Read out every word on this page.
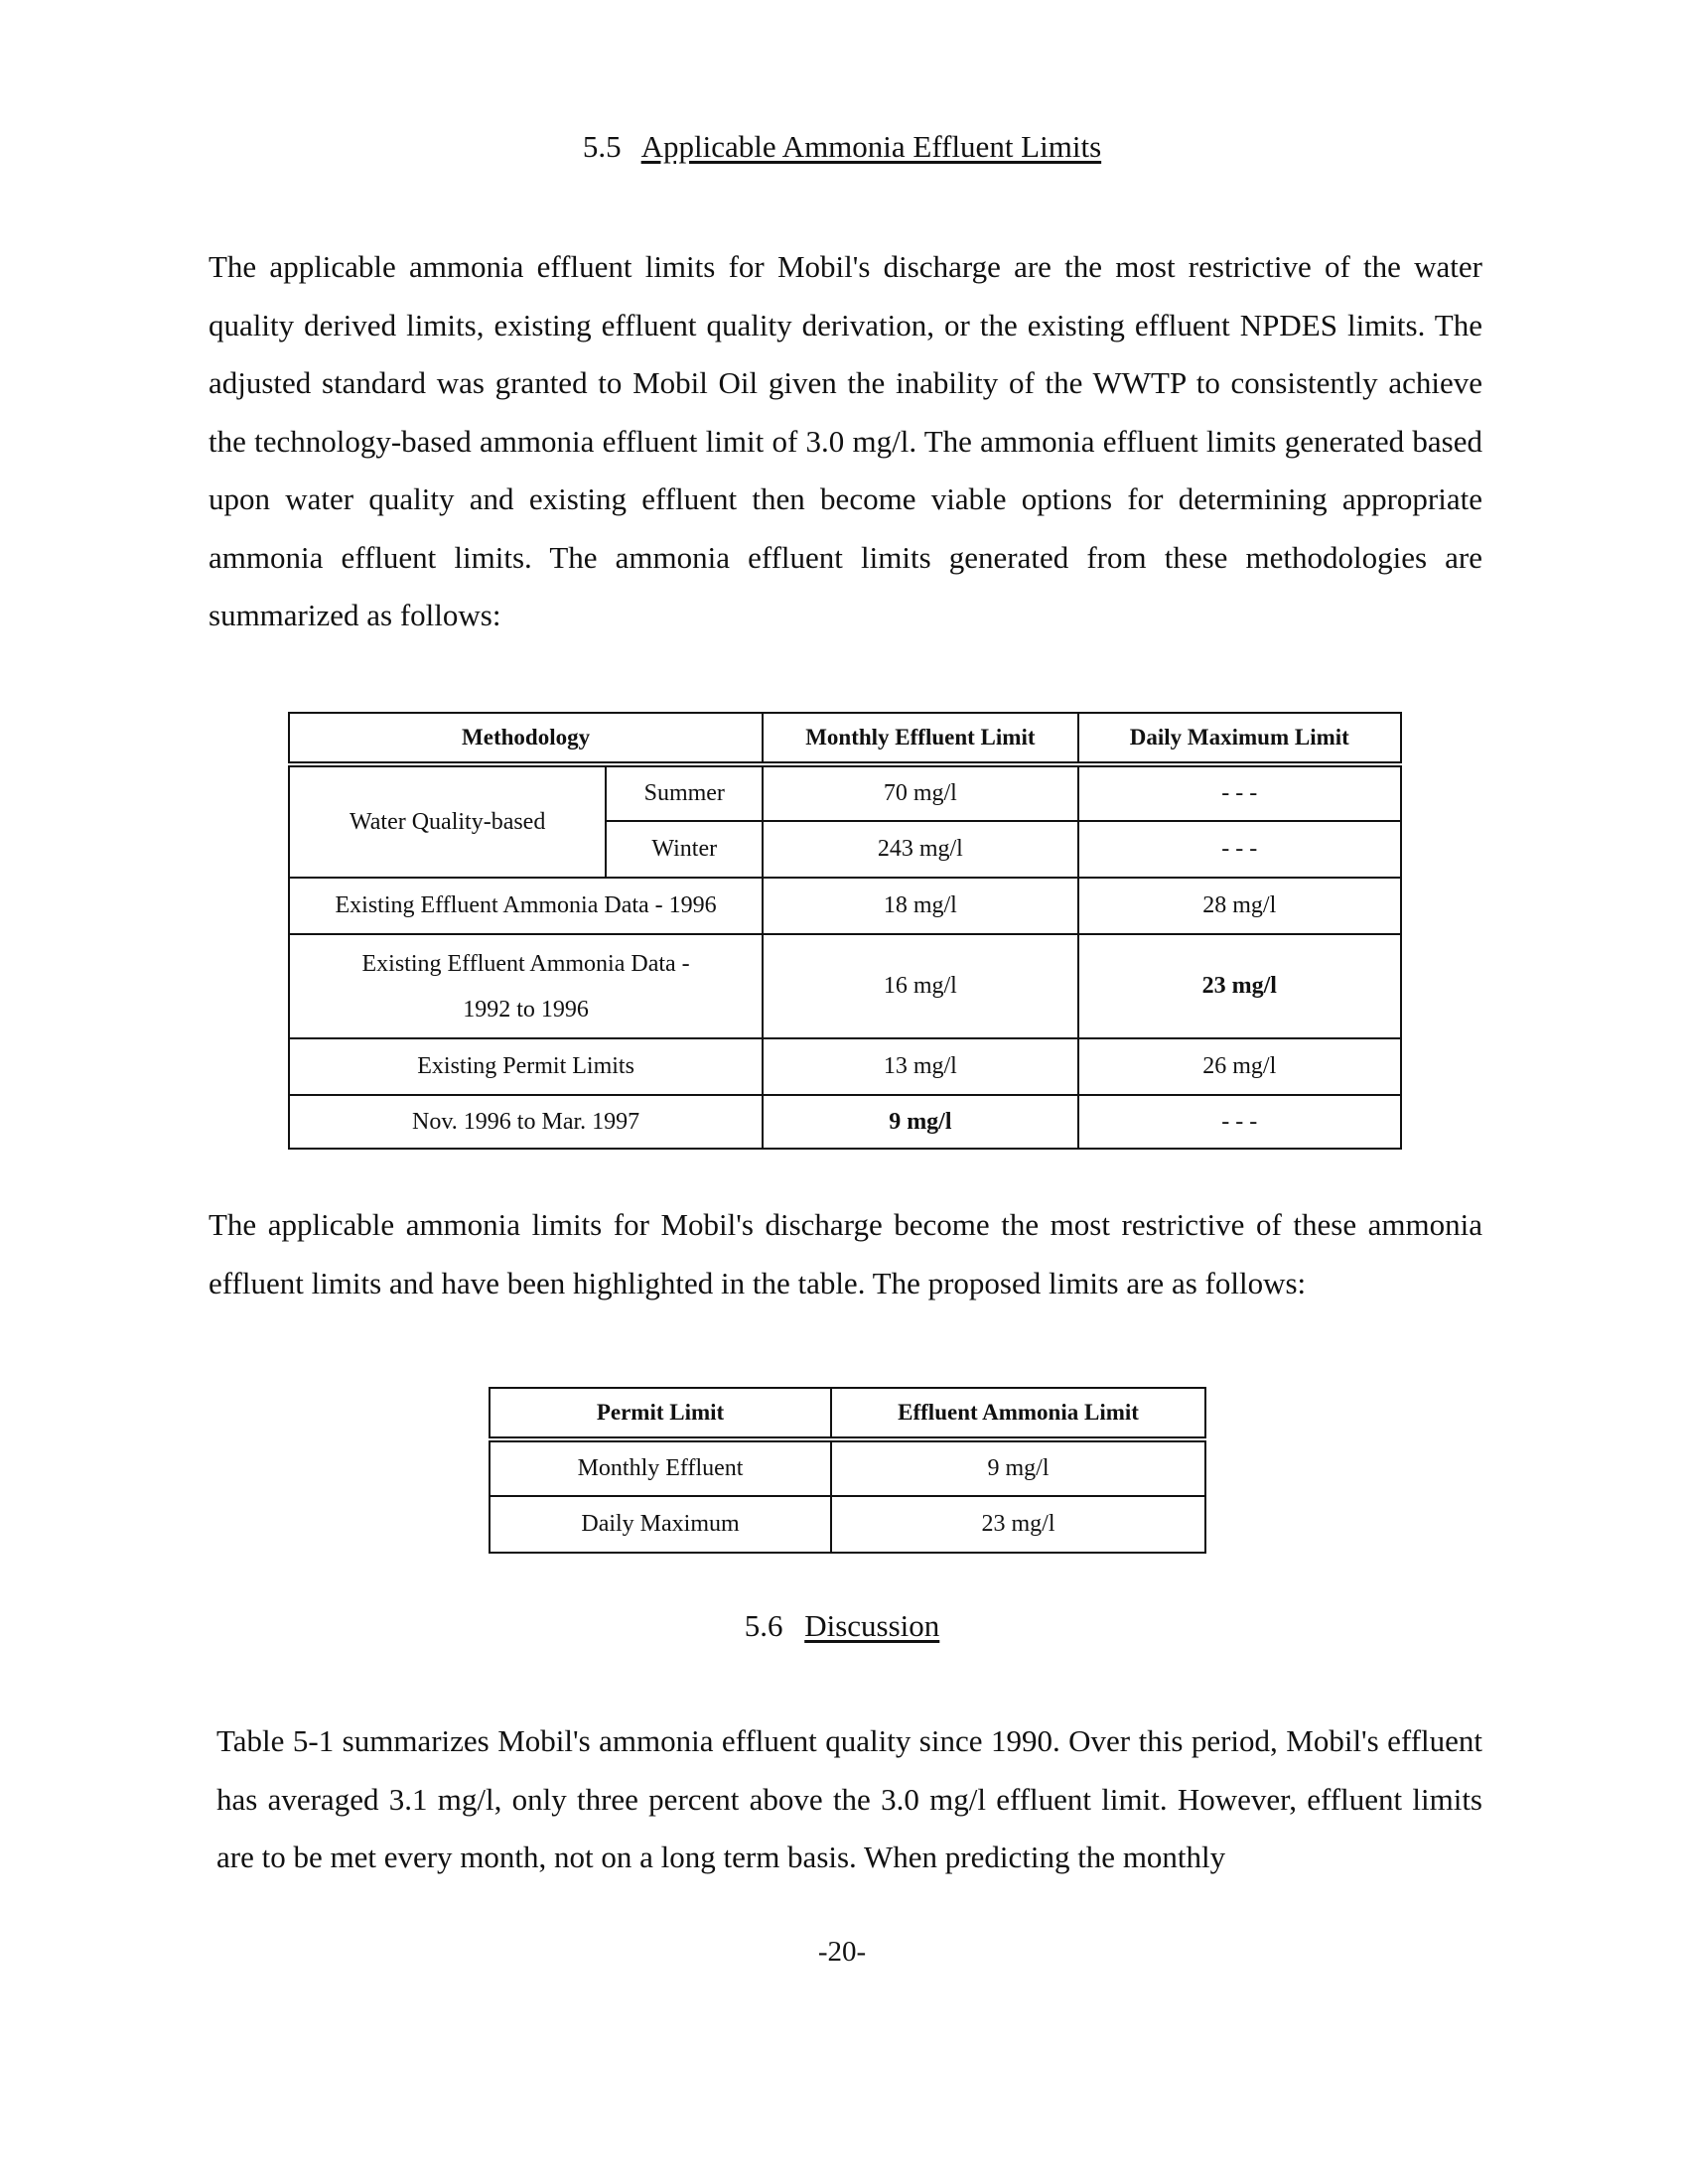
5.5 Applicable Ammonia Effluent Limits

The applicable ammonia effluent limits for Mobil's discharge are the most restrictive of the water quality derived limits, existing effluent quality derivation, or the existing effluent NPDES limits. The adjusted standard was granted to Mobil Oil given the inability of the WWTP to consistently achieve the technology-based ammonia effluent limit of 3.0 mg/l. The ammonia effluent limits generated based upon water quality and existing effluent then become viable options for determining appropriate ammonia effluent limits. The ammonia effluent limits generated from these methodologies are summarized as follows:

Methodology		Monthly Effluent Limit	Daily Maximum Limit
Water Quality-based	Summer	70 mg/l	- - -
	Winter	243 mg/l	- - -
Existing Effluent Ammonia Data - 1996		18 mg/l	28 mg/l
Existing Effluent Ammonia Data -
1992 to 1996		16 mg/l	23 mg/l
Existing Permit Limits		13 mg/l	26 mg/l
Nov. 1996 to Mar. 1997		9 mg/l	- - -

The applicable ammonia limits for Mobil's discharge become the most restrictive of these ammonia effluent limits and have been highlighted in the table. The proposed limits are as follows:

Permit Limit	Effluent Ammonia Limit
Monthly Effluent	9 mg/l
Daily Maximum	23 mg/l
5.6 Discussion

Table 5-1 summarizes Mobil's ammonia effluent quality since 1990. Over this period, Mobil's effluent has averaged 3.1 mg/l, only three percent above the 3.0 mg/l effluent limit. However, effluent limits are to be met every month, not on a long term basis. When predicting the monthly

-20-
